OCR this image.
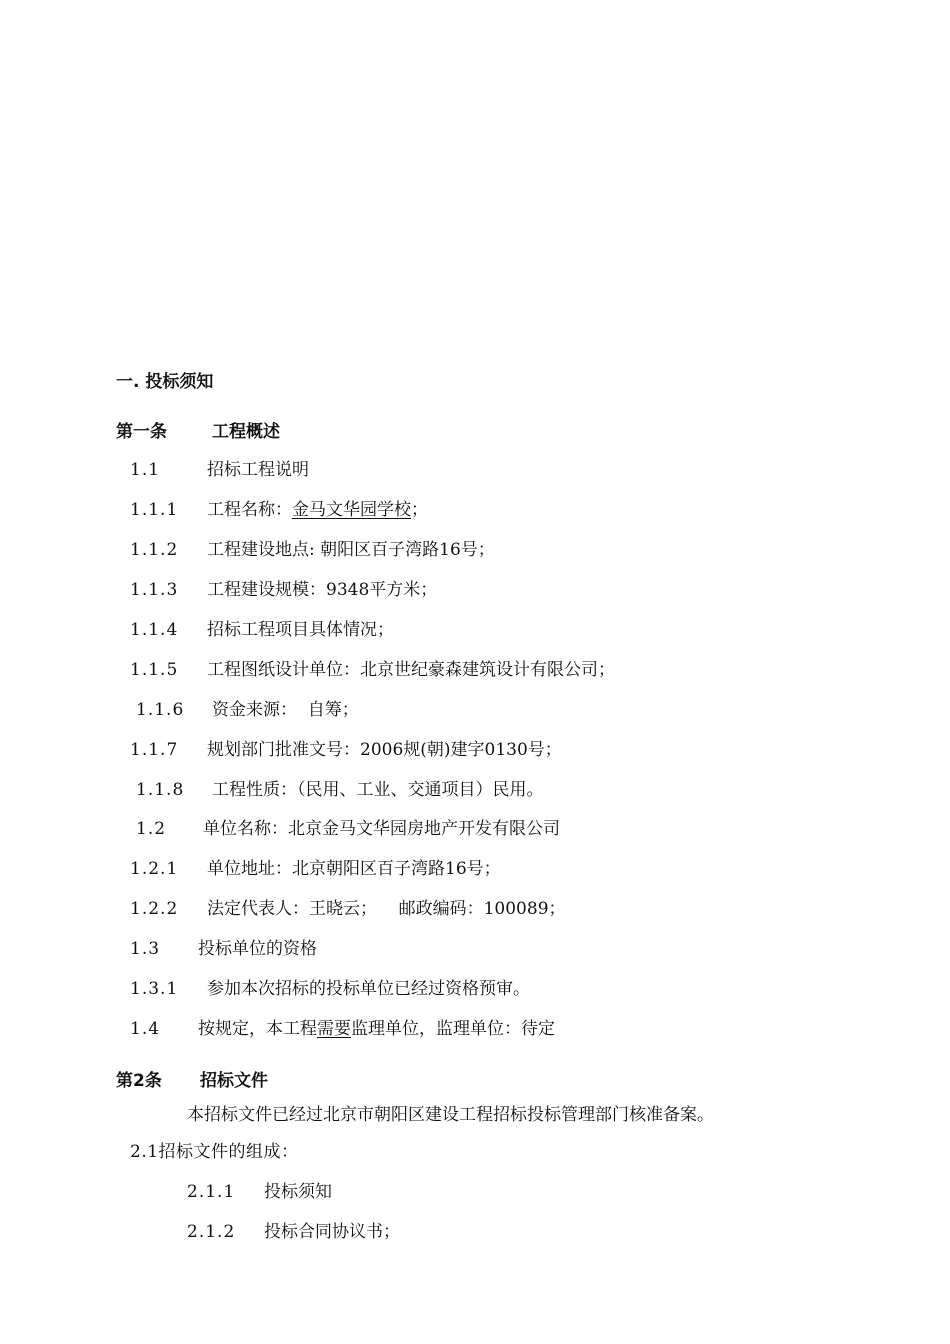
一. 投标须知
第一条	工程概述
1.1	招标工程说明
1.1.1 工程名称：金马文华园学校；
1.1.2 工程建设地点: 朝阳区百子湾路16号；
1.1.3 工程建设规模：9348平方米；
1.1.4 招标工程项目具体情况；
1.1.5 工程图纸设计单位：北京世纪豪森建筑设计有限公司；
1.1.6 资金来源：  自筹；
1.1.7 规划部门批准文号：2006规(朝)建字0130号；
1.1.8 工程性质：（民用、工业、交通项目）民用。
1.2 单位名称：北京金马文华园房地产开发有限公司
1.2.1 单位地址：北京朝阳区百子湾路16号；
1.2.2 法定代表人：王晓云；    邮政编码：100089；
1.3 投标单位的资格
1.3.1 参加本次招标的投标单位已经过资格预审。
1.4 按规定，本工程需要监理单位，监理单位：待定
第2条 招标文件
本招标文件已经过北京市朝阳区建设工程招标投标管理部门核准备案。
2.1招标文件的组成：
2.1.1 投标须知
2.1.2 投标合同协议书；
